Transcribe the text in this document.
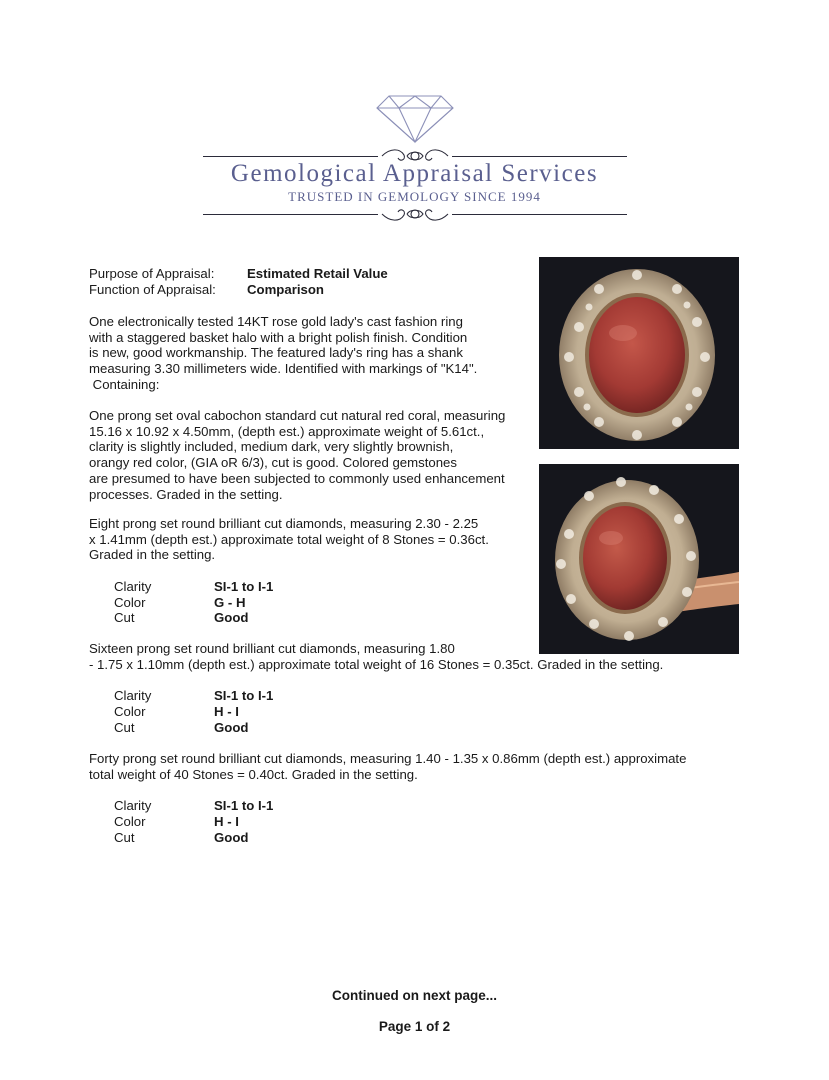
Gemological Appraisal Services
TRUSTED IN GEMOLOGY SINCE 1994
Purpose of Appraisal: Estimated Retail Value
Function of Appraisal: Comparison
One electronically tested 14KT rose gold lady's cast fashion ring
with a staggered basket halo with a bright polish finish. Condition
is new, good workmanship. The featured lady's ring has a shank
measuring 3.30 millimeters wide. Identified with markings of "K14".
Containing:
One prong set oval cabochon standard cut natural red coral, measuring
15.16 x 10.92 x 4.50mm, (depth est.) approximate weight of 5.61ct.,
clarity is slightly included, medium dark, very slightly brownish,
orangy red color, (GIA oR 6/3), cut is good. Colored gemstones
are presumed to have been subjected to commonly used enhancement
processes. Graded in the setting.
Eight prong set round brilliant cut diamonds, measuring 2.30 - 2.25
x 1.41mm (depth est.) approximate total weight of 8 Stones = 0.36ct.
Graded in the setting.
Clarity	SI-1 to I-1
Color	G - H
Cut	Good
Sixteen prong set round brilliant cut diamonds, measuring 1.80
- 1.75 x 1.10mm (depth est.) approximate total weight of 16 Stones = 0.35ct. Graded in the setting.
Clarity	SI-1 to I-1
Color	H - I
Cut	Good
Forty prong set round brilliant cut diamonds, measuring 1.40 - 1.35 x 0.86mm (depth est.) approximate
total weight of 40 Stones = 0.40ct. Graded in the setting.
Clarity	SI-1 to I-1
Color	H - I
Cut	Good
Continued on next page...
Page 1 of 2
